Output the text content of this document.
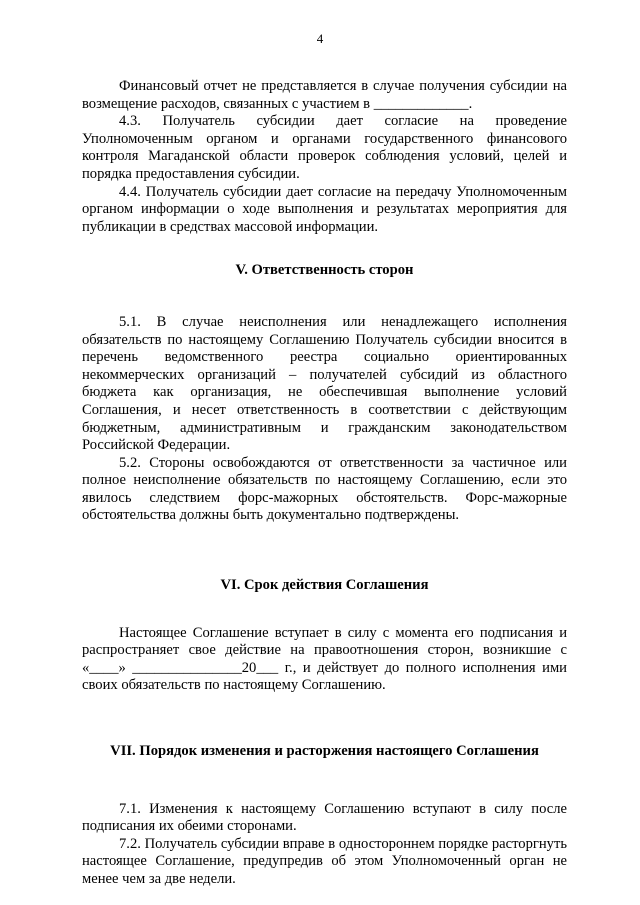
4

Финансовый отчет не представляется в случае получения субсидии на возмещение расходов, связанных с участием в _____________.

4.3. Получатель субсидии дает согласие на проведение Уполномоченным органом и органами государственного финансового контроля Магаданской области проверок соблюдения условий, целей и порядка предоставления субсидии.

4.4. Получатель субсидии дает согласие на передачу Уполномоченным органом информации о ходе выполнения и результатах мероприятия для публикации в средствах массовой информации.

V. Ответственность сторон

5.1. В случае неисполнения или ненадлежащего исполнения обязательств по настоящему Соглашению Получатель субсидии вносится в перечень ведомственного реестра социально ориентированных некоммерческих организаций – получателей субсидий из областного бюджета как организация, не обеспечившая выполнение условий Соглашения, и несет ответственность в соответствии с действующим бюджетным, административным и гражданским законодательством Российской Федерации.

5.2. Стороны освобождаются от ответственности за частичное или полное неисполнение обязательств по настоящему Соглашению, если это явилось следствием форс-мажорных обстоятельств. Форс-мажорные обстоятельства должны быть документально подтверждены.

VI. Срок действия Соглашения

Настоящее Соглашение вступает в силу с момента его подписания и распространяет свое действие на правоотношения сторон, возникшие с «____» _______________20___ г., и действует до полного исполнения ими своих обязательств по настоящему Соглашению.

VII. Порядок изменения и расторжения настоящего Соглашения

7.1. Изменения к настоящему Соглашению вступают в силу после подписания их обеими сторонами.

7.2. Получатель субсидии вправе в одностороннем порядке расторгнуть настоящее Соглашение, предупредив об этом Уполномоченный орган не менее чем за две недели.
